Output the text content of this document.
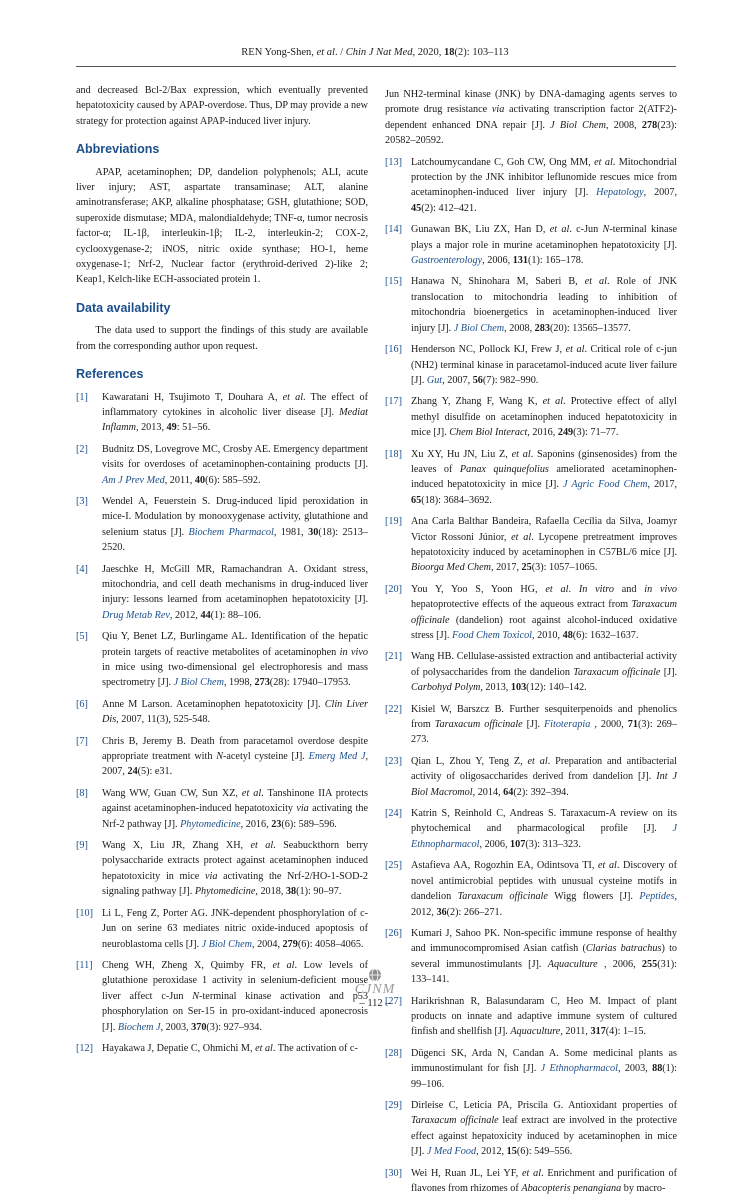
REN Yong-Shen, et al. / Chin J Nat Med, 2020, 18(2): 103–113

and decreased Bcl-2/Bax expression, which eventually prevented hepatotoxicity caused by APAP-overdose. Thus, DP may provide a new strategy for protection against APAP-induced liver injury.

Abbreviations

APAP, acetaminophen; DP, dandelion polyphenols; ALI, acute liver injury; AST, aspartate transaminase; ALT, alanine aminotransferase; AKP, alkaline phosphatase; GSH, glutathione; SOD, superoxide dismutase; MDA, malondialdehyde; TNF-α, tumor necrosis factor-α; IL-1β, interleukin-1β; IL-2, interleukin-2; COX-2, cyclooxygenase-2; iNOS, nitric oxide synthase; HO-1, heme oxygenase-1; Nrf-2, Nuclear factor (erythroid-derived 2)-like 2; Keap1, Kelch-like ECH-associated protein 1.

Data availability

The data used to support the findings of this study are available from the corresponding author upon request.

References
[1]	Kawaratani H, Tsujimoto T, Douhara A, et al. The effect of inflammatory cytokines in alcoholic liver disease [J]. Mediat Inflamm, 2013, 49: 51–56.
[2]	Budnitz DS, Lovegrove MC, Crosby AE. Emergency department visits for overdoses of acetaminophen-containing products [J]. Am J Prev Med, 2011, 40(6): 585–592.
[3]	Wendel A, Feuerstein S. Drug-induced lipid peroxidation in mice-I. Modulation by monooxygenase activity, glutathione and selenium status [J]. Biochem Pharmacol, 1981, 30(18): 2513–2520.
[4]	Jaeschke H, McGill MR, Ramachandran A. Oxidant stress, mitochondria, and cell death mechanisms in drug-induced liver injury: lessons learned from acetaminophen hepatotoxicity [J]. Drug Metab Rev, 2012, 44(1): 88–106.
[5]	Qiu Y, Benet LZ, Burlingame AL. Identification of the hepatic protein targets of reactive metabolites of acetaminophen in vivo in mice using two-dimensional gel electrophoresis and mass spectrometry [J]. J Biol Chem, 1998, 273(28): 17940–17953.
[6]	Anne M Larson. Acetaminophen hepatotoxicity [J]. Clin Liver Dis, 2007, 11(3), 525-548.
[7]	Chris B, Jeremy B. Death from paracetamol overdose despite appropriate treatment with N-acetyl cysteine [J]. Emerg Med J, 2007, 24(5): e31.
[8]	Wang WW, Guan CW, Sun XZ, et al. Tanshinone IIA protects against acetaminophen-induced hepatotoxicity via activating the Nrf-2 pathway [J]. Phytomedicine, 2016, 23(6): 589–596.
[9]	Wang X, Liu JR, Zhang XH, et al. Seabuckthorn berry polysaccharide extracts protect against acetaminophen induced hepatotoxicity in mice via activating the Nrf-2/HO-1-SOD-2 signaling pathway [J]. Phytomedicine, 2018, 38(1): 90–97.
[10] Li L, Feng Z, Porter AG. JNK-dependent phosphorylation of c-Jun on serine 63 mediates nitric oxide-induced apoptosis of neuroblastoma cells [J]. J Biol Chem, 2004, 279(6): 4058–4065.
[11] Cheng WH, Zheng X, Quimby FR, et al. Low levels of glutathione peroxidase 1 activity in selenium-deficient mouse liver affect c-Jun N-terminal kinase activation and p53 phosphorylation on Ser-15 in pro-oxidant-induced aponecrosis [J]. Biochem J, 2003, 370(3): 927–934.
[12] Hayakawa J, Depatie C, Ohmichi M, et al. The activation of c-
Jun NH2-terminal kinase (JNK) by DNA-damaging agents serves to promote drug resistance via activating transcription factor 2(ATF2)-dependent enhanced DNA repair [J]. J Biol Chem, 2008, 278(23): 20582–20592.
[13] Latchoumycandane C, Goh CW, Ong MM, et al. Mitochondrial protection by the JNK inhibitor leflunomide rescues mice from acetaminophen-induced liver injury [J]. Hepatology, 2007, 45(2): 412–421.
[14] Gunawan BK, Liu ZX, Han D, et al. c-Jun N-terminal kinase plays a major role in murine acetaminophen hepatotoxicity [J]. Gastroenterology, 2006, 131(1): 165–178.
[15] Hanawa N, Shinohara M, Saberi B, et al. Role of JNK translocation to mitochondria leading to inhibition of mitochondria bioenergetics in acetaminophen-induced liver injury [J]. J Biol Chem, 2008, 283(20): 13565–13577.
[16] Henderson NC, Pollock KJ, Frew J, et al. Critical role of c-jun (NH2) terminal kinase in paracetamol-induced acute liver failure [J]. Gut, 2007, 56(7): 982–990.
[17] Zhang Y, Zhang F, Wang K, et al. Protective effect of allyl methyl disulfide on acetaminophen induced hepatotoxicity in mice [J]. Chem Biol Interact, 2016, 249(3): 71–77.
[18] Xu XY, Hu JN, Liu Z, et al. Saponins (ginsenosides) from the leaves of Panax quinquefolius ameliorated acetaminophen-induced hepatotoxicity in mice [J]. J Agric Food Chem, 2017, 65(18): 3684–3692.
[19] Ana Carla Balthar Bandeira, Rafaella Cecília da Silva, Joamyr Victor Rossoni Júnior, et al. Lycopene pretreatment improves hepatotoxicity induced by acetaminophen in C57BL/6 mice [J]. Bioorga Med Chem, 2017, 25(3): 1057–1065.
[20] You Y, Yoo S, Yoon HG, et al. In vitro and in vivo hepatoprotective effects of the aqueous extract from Taraxacum officinale (dandelion) root against alcohol-induced oxidative stress [J]. Food Chem Toxicol, 2010, 48(6): 1632–1637.
[21] Wang HB. Cellulase-assisted extraction and antibacterial activity of polysaccharides from the dandelion Taraxacum officinale [J]. Carbohyd Polym, 2013, 103(12): 140–142.
[22] Kisiel W, Barszcz B. Further sesquiterpenoids and phenolics from Taraxacum officinale [J]. Fitoterapia , 2000, 71(3): 269–273.
[23] Qian L, Zhou Y, Teng Z, et al. Preparation and antibacterial activity of oligosaccharides derived from dandelion [J]. Int J Biol Macromol, 2014, 64(2): 392–394.
[24] Katrin S, Reinhold C, Andreas S. Taraxacum-A review on its phytochemical and pharmacological profile [J]. J Ethnopharmacol, 2006, 107(3): 313–323.
[25] Astafieva AA, Rogozhin EA, Odintsova TI, et al. Discovery of novel antimicrobial peptides with unusual cysteine motifs in dandelion Taraxacum officinale Wigg flowers [J]. Peptides, 2012, 36(2): 266–271.
[26] Kumari J, Sahoo PK. Non-specific immune response of healthy and immunocompromised Asian catfish (Clarias batrachus) to several immunostimulants [J]. Aquaculture , 2006, 255(31): 133–141.
[27] Harikrishnan R, Balasundaram C, Heo M. Impact of plant products on innate and adaptive immune system of cultured finfish and shellfish [J]. Aquaculture, 2011, 317(4): 1–15.
[28] Dügenci SK, Arda N, Candan A. Some medicinal plants as immunostimulant for fish [J]. J Ethnopharmacol, 2003, 88(1): 99–106.
[29] Dirleise C, Leticia PA, Priscila G. Antioxidant properties of Taraxacum officinale leaf extract are involved in the protective effect against hepatoxicity induced by acetaminophen in mice [J]. J Med Food, 2012, 15(6): 549–556.
[30] Wei H, Ruan JL, Lei YF, et al. Enrichment and purification of flavones from rhizomes of Abacopteris penangiana by macro-
CJNM
– 112 –
